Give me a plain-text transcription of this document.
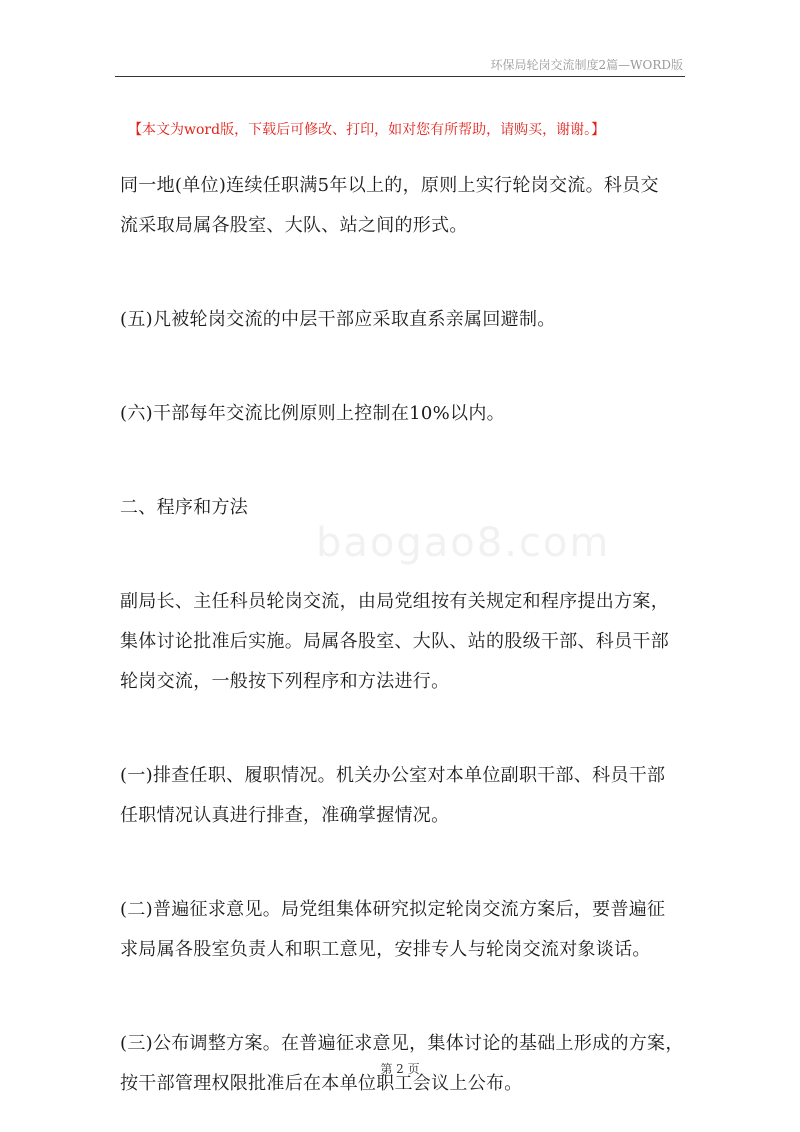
环保局轮岗交流制度2篇—WORD版
【本文为word版，下载后可修改、打印，如对您有所帮助，请购买，谢谢。】
baogao8.com

同一地(单位)连续任职满5年以上的，原则上实行轮岗交流。科员交
流采取局属各股室、大队、站之间的形式。

(五)凡被轮岗交流的中层干部应采取直系亲属回避制。

(六)干部每年交流比例原则上控制在10%以内。

二、程序和方法

副局长、主任科员轮岗交流，由局党组按有关规定和程序提出方案，
集体讨论批准后实施。局属各股室、大队、站的股级干部、科员干部
轮岗交流，一般按下列程序和方法进行。

(一)排查任职、履职情况。机关办公室对本单位副职干部、科员干部
任职情况认真进行排查，准确掌握情况。

(二)普遍征求意见。局党组集体研究拟定轮岗交流方案后，要普遍征
求局属各股室负责人和职工意见，安排专人与轮岗交流对象谈话。

(三)公布调整方案。在普遍征求意见，集体讨论的基础上形成的方案，
按干部管理权限批准后在本单位职工会议上公布。

第 2 页
